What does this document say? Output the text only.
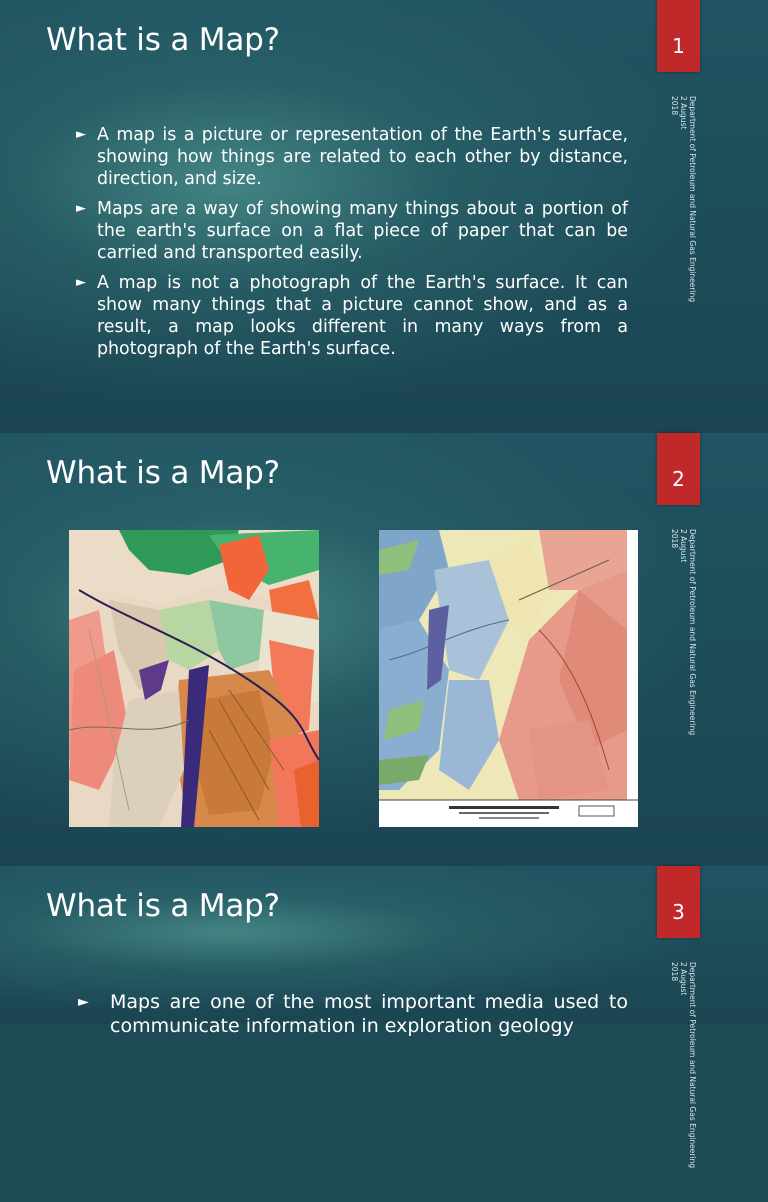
What is a Map?	1
Department of Petroleum and Natural Gas Engineering
2 August
2018
► A map is a picture or representation of the Earth's surface, showing how things are related to each other by distance, direction, and size.
► Maps are a way of showing many things about a portion of the earth's surface on a flat piece of paper that can be carried and transported easily.
► A map is not a photograph of the Earth's surface. It can show many things that a picture cannot show, and as a result, a map looks different in many ways from a photograph of the Earth's surface.
What is a Map?	2
Department of Petroleum and Natural Gas Engineering
2 August
2018
What is a Map?	3
Department of Petroleum and Natural Gas Engineering
2 August
2018
► Maps are one of the most important media used to communicate information in exploration geology
